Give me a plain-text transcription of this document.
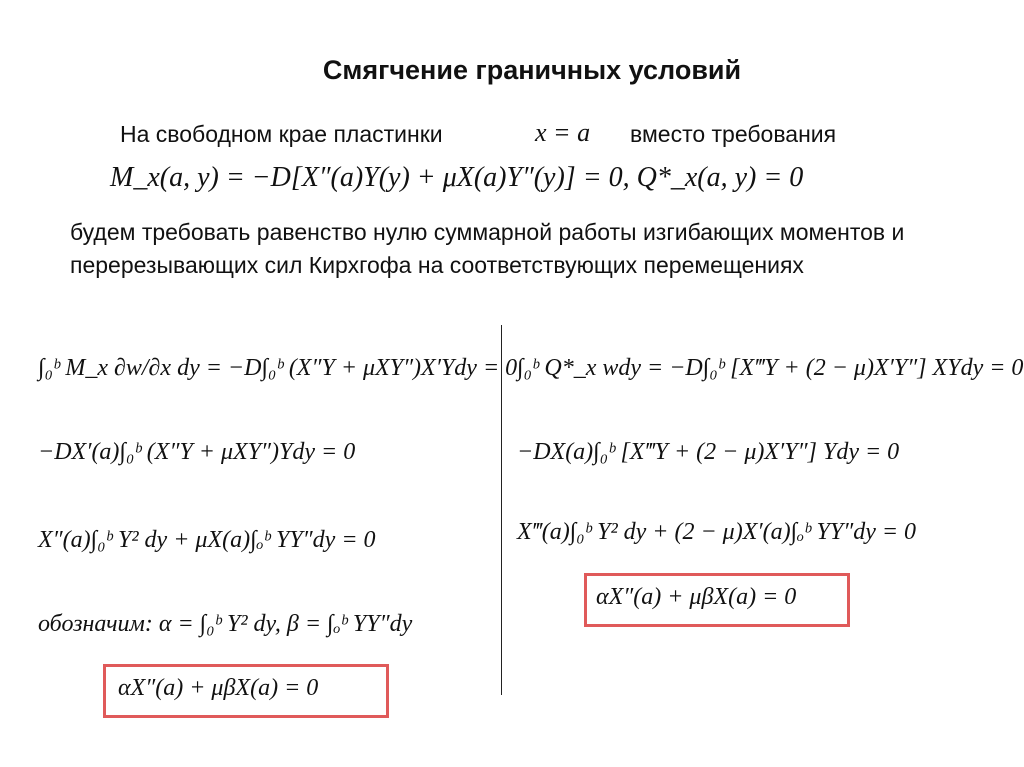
Смягчение граничных условий
На свободном крае пластинки	x = a вместо требования
M_x(a, y) = −D[X″(a)Y(y) + μX(a)Y″(y)] = 0, Q*_x(a, y) = 0
будем требовать равенство нулю суммарной работы изгибающих моментов и перерезывающих сил Кирхгофа на соответствующих перемещениях
∫₀ᵇ M_x ∂w/∂x dy = −D∫₀ᵇ (X″Y + μXY″)X′Ydy = 0
−DX′(a)∫₀ᵇ (X″Y + μXY″)Ydy = 0
X″(a)∫₀ᵇ Y² dy + μX(a)∫ₒᵇ YY″dy = 0
обозначим: α = ∫₀ᵇ Y² dy, β = ∫ₒᵇ YY″dy
αX″(a) + μβX(a) = 0
∫₀ᵇ Q*_x wdy = −D∫₀ᵇ [X‴Y + (2 − μ)X′Y″] XYdy = 0
−DX(a)∫₀ᵇ [X‴Y + (2 − μ)X′Y″] Ydy = 0
X‴(a)∫₀ᵇ Y² dy + (2 − μ)X′(a)∫ₒᵇ YY″dy = 0
αX″(a) + μβX(a) = 0
